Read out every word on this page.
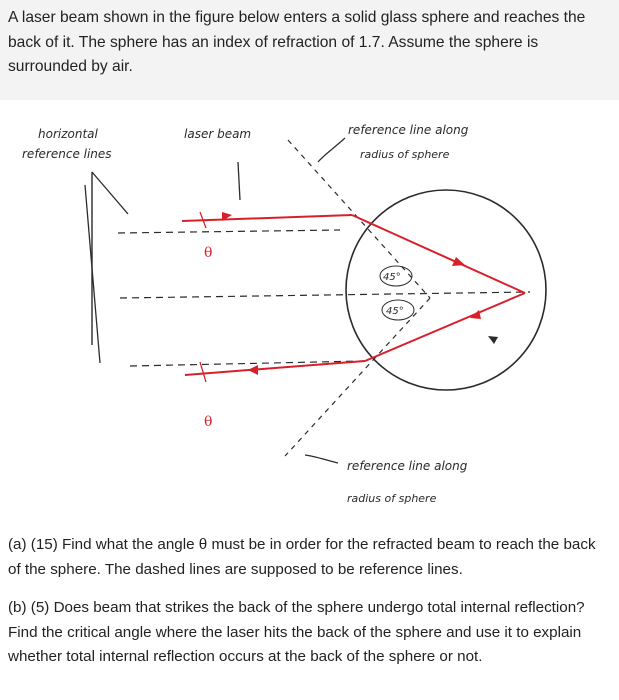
A laser beam shown in the figure below enters a solid glass sphere and reaches the back of it. The sphere has an index of refraction of 1.7. Assume the sphere is surrounded by air.
horizontal
reference lines
laser beam	reference line along
radius of sphere
reference line along
radius of sphere
45°
45°
θ
θ

(a) (15) Find what the angle θ must be in order for the refracted beam to reach the back of the sphere. The dashed lines are supposed to be reference lines.

(b) (5) Does beam that strikes the back of the sphere undergo total internal reflection? Find the critical angle where the laser hits the back of the sphere and use it to explain whether total internal reflection occurs at the back of the sphere or not.
